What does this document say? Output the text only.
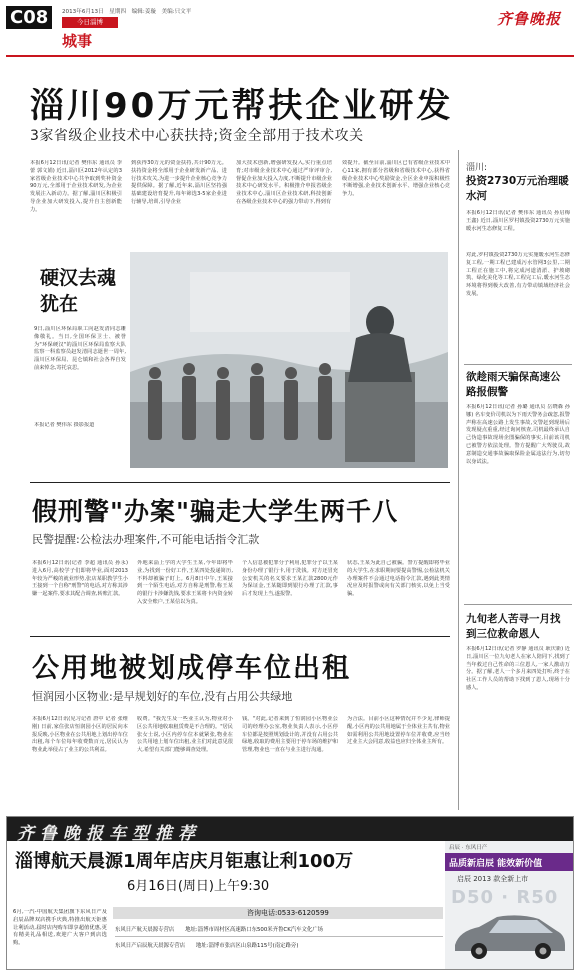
C08	2013年6月13日　星期四　编辑:姜璇　美编:只文平
今日淄博
城事
齐鲁晚报
淄川90万元帮扶企业研发
3家省级企业技术中心获扶持;资金全部用于技术攻关
本报6月12日讯(记者 樊伟东 通讯员 李蕾 郭文娟) 近日,淄川区2012年认定的3家省级企业技术中心共争取到奖补资金90万元,全部用于企业技术研发,为企业发展注入新动力。据了解,淄川区积极引导企业加大研发投入,提升自主创新能力。
到获得30万元的资金扶持,共计90万元。扶持资金将全部用于企业研发新产品、进行技术攻关,为进一步提升企业核心竞争力提供保障。据了解,近年来,淄川区坚持强基础建设培育提升,每年筛选3-5家企业进行辅导,培训,引导企业
加大技术创新,增强研发投入,实行重点培育;对市级企业技术中心通过严审评审合,督促企业加大投入力度,不断提升市级企业技术中心研发水平。积极推介申报省级企业技术中心,淄川区企业技术研,科技创新在各级企业技术中心的强力带动下,得到有
效提升。截至目前,淄川区已有省级企业技术中心11家,拥有部分省级和省级技术中心,获得省级企业技术中心奖励资金,全区企业申报积极性不断增强,企业技术创新水平、增强企业核心竞争力。
硬汉去魂犹在
9日,淄川区环保局职工向赵发清同志雕像敬礼。当日,全国环保卫士、被誉为"环保硬汉"的淄川区环保局监察大队监察一科监察员赵发清同志逝世一周年,淄川区环保局、昆仑镇和社会各界自发前来悼念,寄托哀思。
本报记者 樊伟东 摄影报道
假刑警"办案"骗走大学生两千八
民警提醒:公检法办理案件,不可能电话指令汇款
本报6月12日讯(记者 李超 通讯员 孙永) 进入6月,高校学子们即将毕业,面对2013年较为严峻的就业形势,张店某职教学生小王接到一个自称"刑警"的电话,对方称其涉嫌一起案件,要求其配合调查,转账汇款。
外地来淄上学的大学生王某,今年即将毕业,为找到一份好工作,王某四处投递简历,不料却被骗子盯上。6月8日中午,王某接到一个陌生电话,对方自称是刑警,称王某的银行卡涉嫌洗钱,要求王某将卡内资金转入安全账户,王某信以为真。
个人信息被犯罪分子利用,犯罪分子以王某身份办理了银行卡,用于洗钱。对方还冒充公安机关的名义要求王某汇款2800元作为保证金,王某随即到银行办理了汇款,事后才发现上当,遂报警。
状态,王某为此自己被骗。警方提醒即将毕业的大学生,在求职期间要提高警惕,公检法机关办理案件不会通过电话指令汇款,遇到此类情况应及时报警或向有关部门核实,以免上当受骗。
公用地被划成停车位出租
恒润园小区物业:是早规划好的车位,没有占用公共绿地
本报6月12日讯(见习记者 唐中 记者 张维刚) 日前,家住张店恒润园小区的居民向本报反映,小区物业在公共用地上划出停车位出租,每个车位每年收费数百元,居民认为物业此举侵占了业主的公共利益。
收费。"我先生及一些业主认为,物业对小区公共用地收取租赁费是不合理的。"居民张女士说,小区内停车位本就紧张,物业在公共用地上划车位出租,业主们对此意见很大,希望有关部门能够调查处理。
钱。"对此,记者来到了恒润园小区物业公司的经理办公室,物业负责人表示,小区停车位都是按照规划设计的,并没有占用公共绿地,收取的费用主要用于停车场的维护和管理,物业也一直在与业主进行沟通。
为合法。目前小区这种情况并不少见,律师提醒,小区内的公共用地属于全体业主共有,物业如需利用公共用地设置停车位并收费,应当经过业主大会同意,收益也应归全体业主所有。
淄川:
投资2730万元治理暖水河
本报6月12日讯(记者 樊伟东 通讯员 孙启梅 王鑫) 近日,淄川区罗村镇投资2730万元实施暖水河生态修复工程。
对此,罗村镇投资2730万元实施暖水河生态修复工程,一期工程已建成污水管网3公里,二期工程正在施工中,将完成河道清淤、护坡砌筑、绿化美化等工程,工程完工后,暖水河生态环境将得到极大改善,有力带动镇域经济社会发展。
欲趁雨天骗保高速公路报假警
本报6月12日讯(记者 孙璐 通讯员 岳晓森 孙娜) 名车变价司机以为下雨天警务会疏忽,报警声称在高速公路上发生事故,交警赶到现场后发现疑点重重,经过询问核查,司机最终承认自己伪造事故现场企图骗保的事实,目前该司机已被警方依法处理。警方提醒广大驾驶员,故意制造交通事故骗取保险金属违法行为,切勿以身试法。
九旬老人苦寻一月找到三位救命恩人
本报6月12日讯(记者 罗静 通讯员 耿庆新) 近日,淄川区一位九旬老人在家人陪同下,找到了当年救过自己性命的三位恩人,一家人激动万分。据了解,老人一个多月来四处打听,终于在社区工作人员的帮助下找到了恩人,现场十分感人。
齐鲁晚报车型推荐
淄博航天晨源1周年店庆月钜惠让利100万
6月16日(周日)上午9:30
6月,一汽-中国航天集团旗下东风日产及启辰品牌双店携手庆典,特推出航天钜惠让利活动,届时店内购车即享超值优惠,更有精美礼品相送,欢迎广大客户到店选购。
咨询电话:0533-6120599
东风日产航天晨源专营店　　地址:淄博市周村区高速路口东500米齐鲁CK汽车文化广场
东风日产启辰航天晨源专营店　　地址:淄博市张店区山泉路115号(南定路旁)
启辰 · 东风日产
品质新启辰 能效新价值
启辰 2013 款全新上市
D50 · R50
